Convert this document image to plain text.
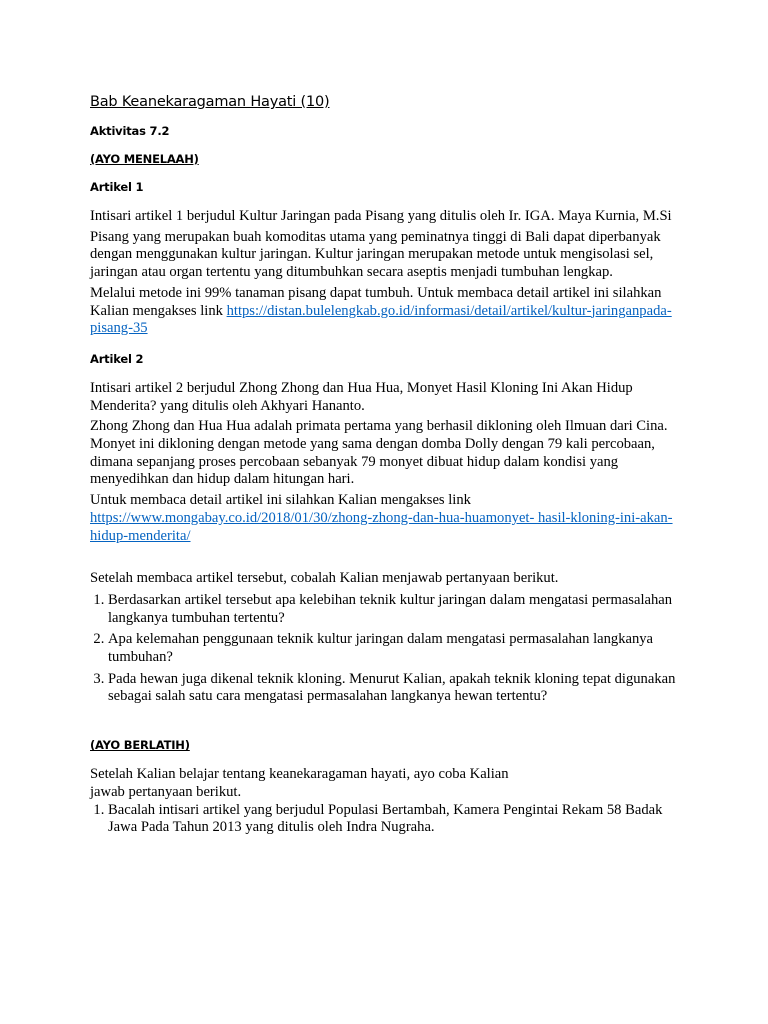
Bab Keanekaragaman Hayati (10)
Aktivitas 7.2
(AYO MENELAAH)
Artikel 1

Intisari artikel 1 berjudul Kultur Jaringan pada Pisang yang ditulis oleh Ir. IGA. Maya Kurnia, M.Si

Pisang yang merupakan buah komoditas utama yang peminatnya tinggi di Bali dapat diperbanyak dengan menggunakan kultur jaringan. Kultur jaringan merupakan metode untuk mengisolasi sel, jaringan atau organ tertentu yang ditumbuhkan secara aseptis menjadi tumbuhan lengkap.

Melalui metode ini 99% tanaman pisang dapat tumbuh. Untuk membaca detail artikel ini silahkan Kalian mengakses link https://distan.bulelengkab.go.id/informasi/detail/artikel/kultur-jaringanpada- pisang-35

Artikel 2

Intisari artikel 2 berjudul Zhong Zhong dan Hua Hua, Monyet Hasil Kloning Ini Akan Hidup Menderita? yang ditulis oleh Akhyari Hananto.

Zhong Zhong dan Hua Hua adalah primata pertama yang berhasil dikloning oleh Ilmuan dari Cina. Monyet ini dikloning dengan metode yang sama dengan domba Dolly dengan 79 kali percobaan, dimana sepanjang proses percobaan sebanyak 79 monyet dibuat hidup dalam kondisi yang menyedihkan dan hidup dalam hitungan hari.

Untuk membaca detail artikel ini silahkan Kalian mengakses link
https://www.mongabay.co.id/2018/01/30/zhong-zhong-dan-hua-huamonyet- hasil-kloning-ini-akan-hidup-menderita/

Setelah membaca artikel tersebut, cobalah Kalian menjawab pertanyaan berikut.

1. Berdasarkan artikel tersebut apa kelebihan teknik kultur jaringan dalam mengatasi permasalahan langkanya tumbuhan tertentu?
2. Apa kelemahan penggunaan teknik kultur jaringan dalam mengatasi permasalahan langkanya tumbuhan?
3. Pada hewan juga dikenal teknik kloning. Menurut Kalian, apakah teknik kloning tepat digunakan sebagai salah satu cara mengatasi permasalahan langkanya hewan tertentu?
(AYO BERLATIH)

Setelah Kalian belajar tentang keanekaragaman hayati, ayo coba Kalian
jawab pertanyaan berikut.

1. Bacalah intisari artikel yang berjudul Populasi Bertambah, Kamera Pengintai Rekam 58 Badak Jawa Pada Tahun 2013 yang ditulis oleh Indra Nugraha.
